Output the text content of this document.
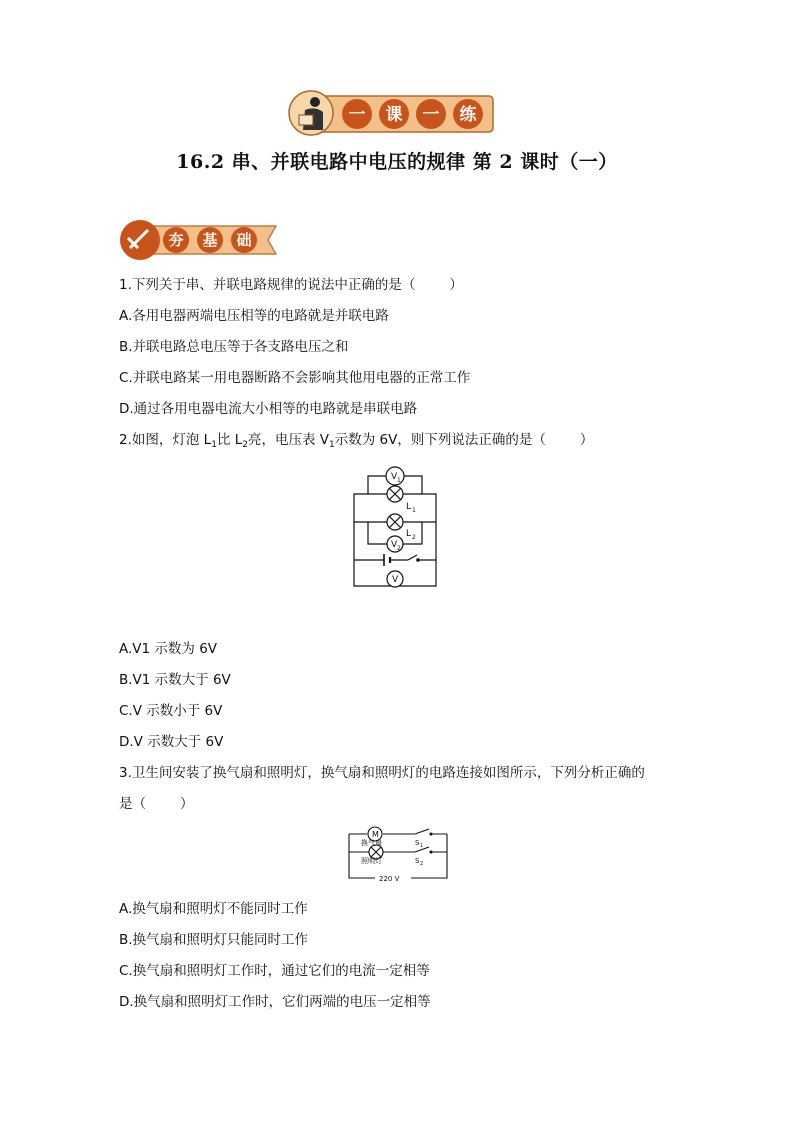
一 课 一 练
16.2 串、并联电路中电压的规律 第 2 课时（一）
夯 基 础
1.下列关于串、并联电路规律的说法中正确的是（	）
A.各用电器两端电压相等的电路就是并联电路
B.并联电路总电压等于各支路电压之和
C.并联电路某一用电器断路不会影响其他用电器的正常工作
D.通过各用电器电流大小相等的电路就是串联电路
2.如图，灯泡 $L_1$比 $L_2$亮，电压表 $V_1$示数为 6V，则下列说法正确的是（	）
V 1
L 1
L 2
V 2
V
A.V1 示数为 6V
B.V1 示数大于 6V
C.V 示数小于 6V
D.V 示数大于 6V
3.卫生间安装了换气扇和照明灯，换气扇和照明灯的电路连接如图所示，下列分析正确的
是（	）
M
换气扇
照明灯
S 1
S 2
220 V
A.换气扇和照明灯不能同时工作
B.换气扇和照明灯只能同时工作
C.换气扇和照明灯工作时，通过它们的电流一定相等
D.换气扇和照明灯工作时，它们两端的电压一定相等
